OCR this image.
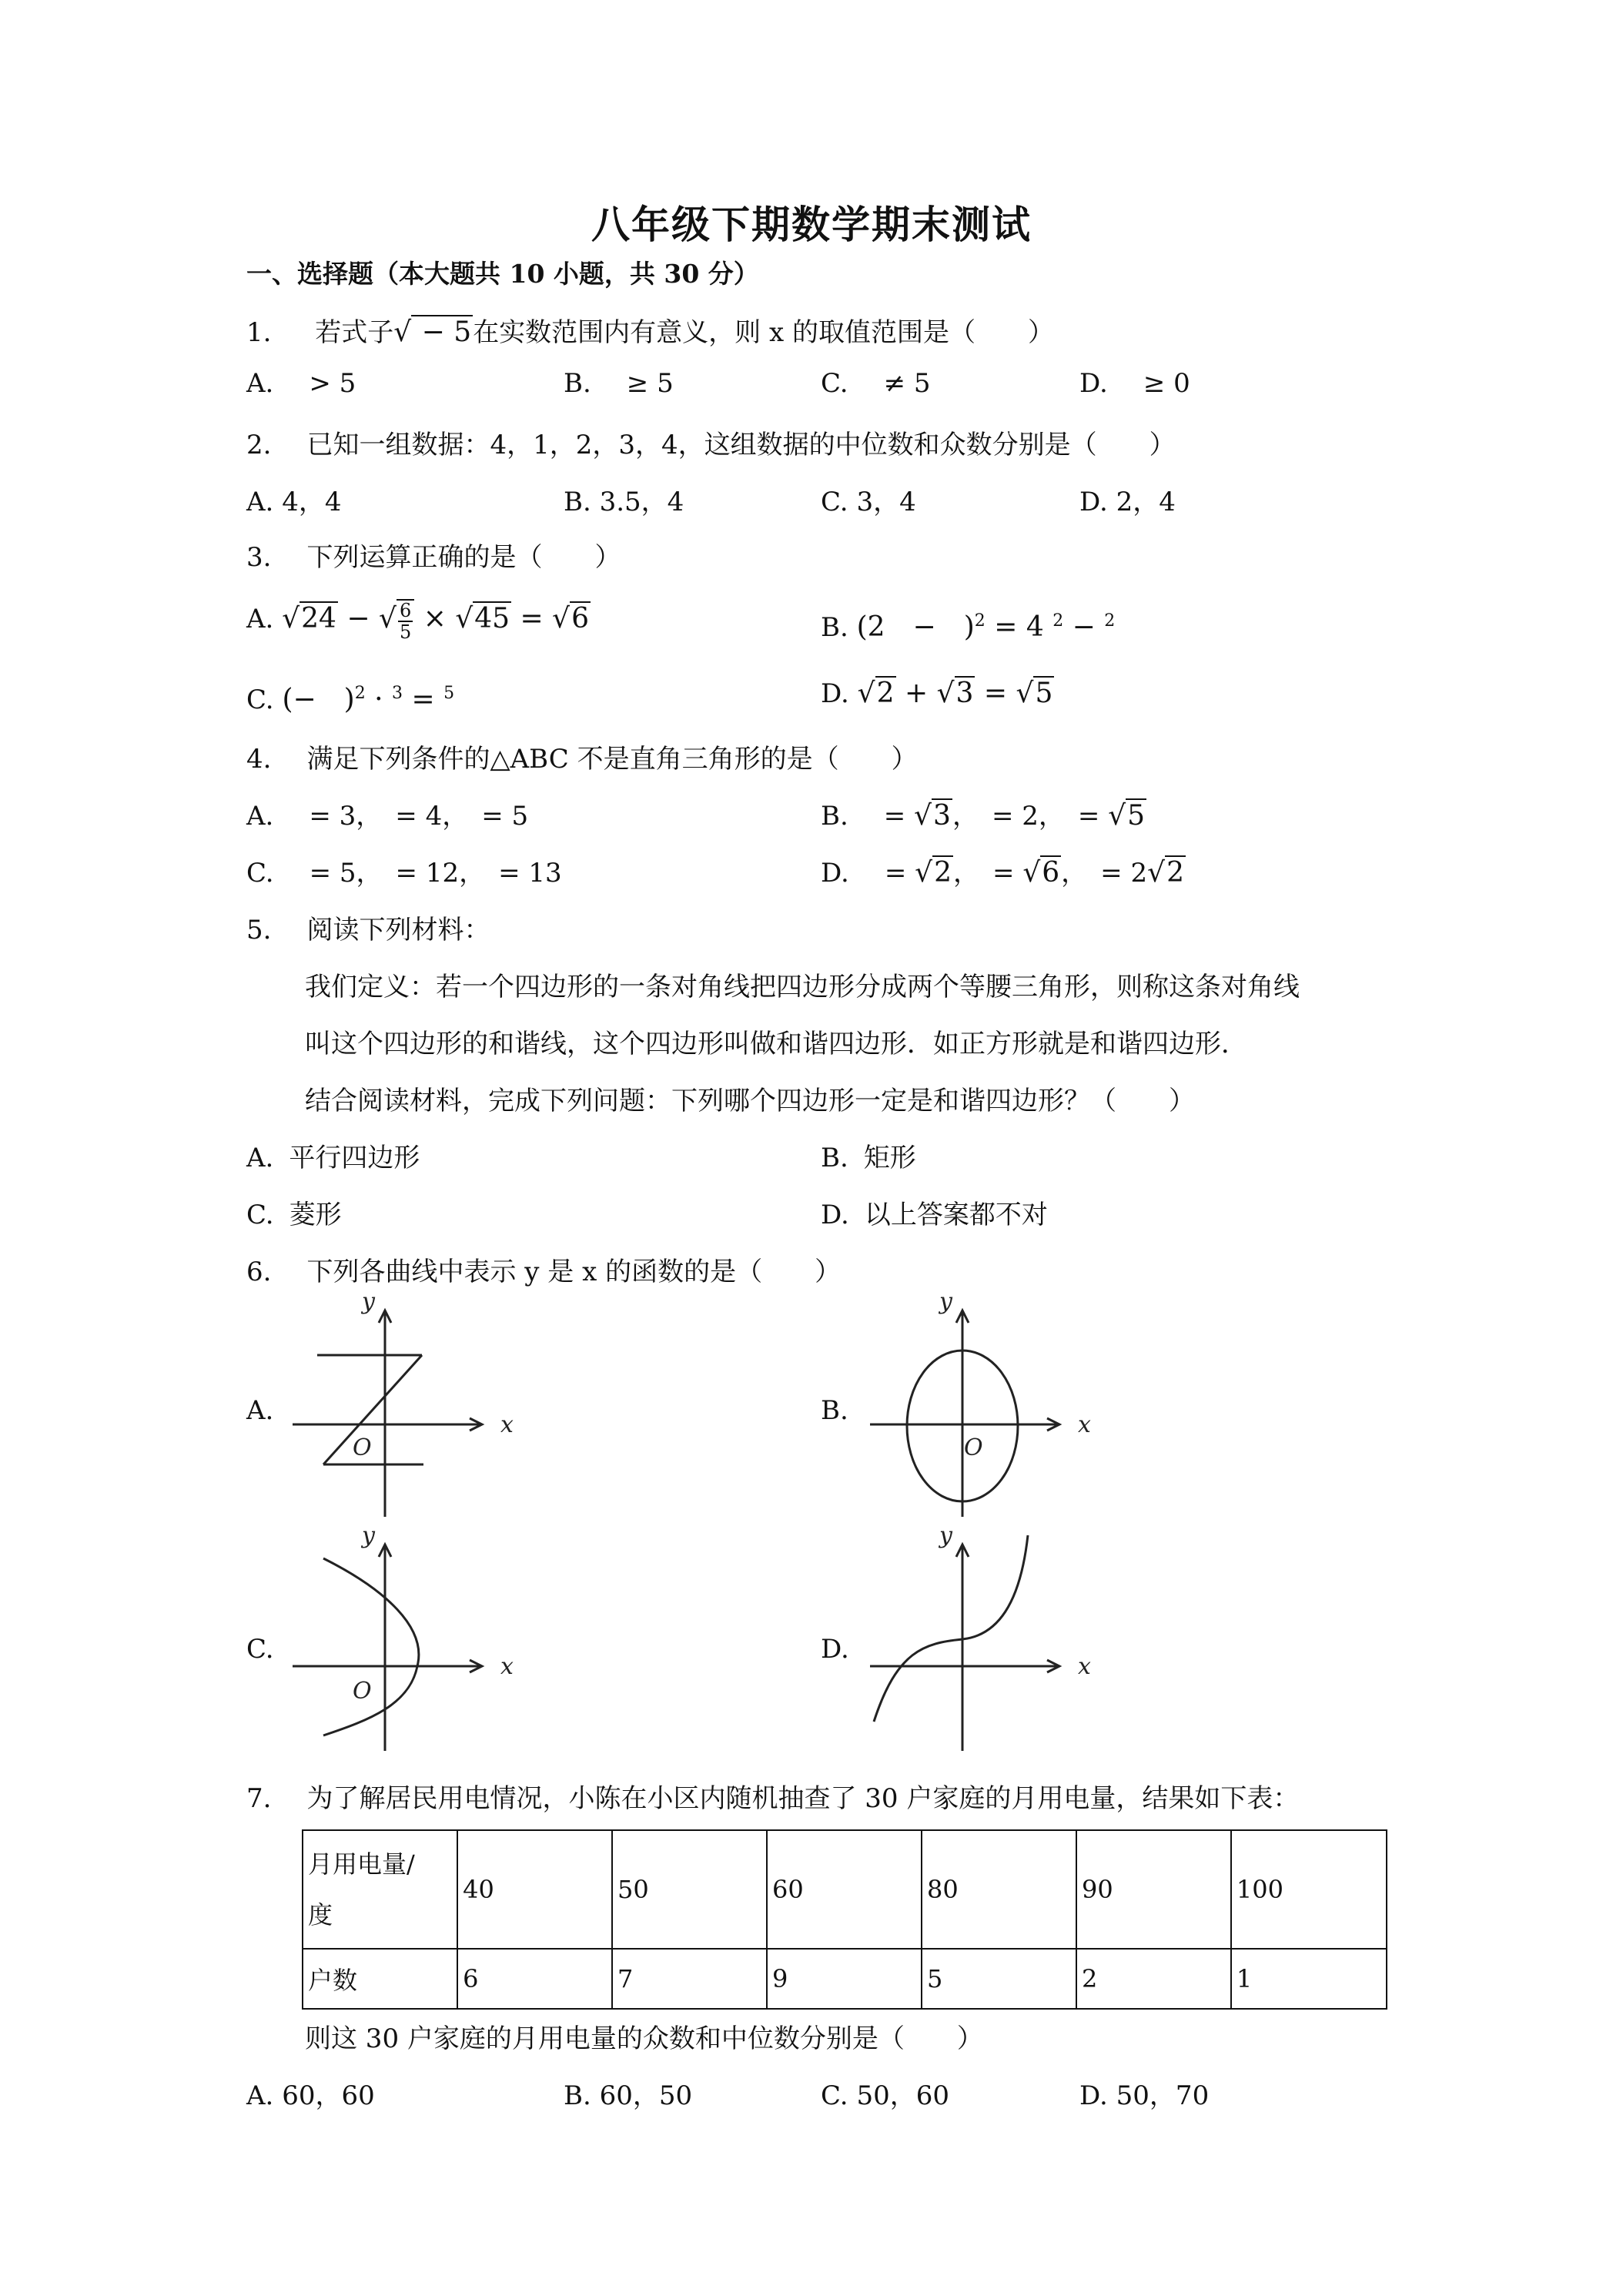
八年级下期数学期末测试
一、选择题（本大题共 10 小题，共 30 分）
1. 若式子√ − 5在实数范围内有意义，则 x 的取值范围是（　　）
A. > 5	B. ≥ 5	C. ≠ 5	D. ≥ 0
2. 已知一组数据：4，1，2，3，4，这组数据的中位数和众数分别是（　　）
A. 4，4	B. 3.5，4	C. 3，4	D. 2，4
3. 下列运算正确的是（　　）
A. √24 − √ $\frac{6}{5} \times √45 = √6$	B. (2　−　)$^2$ = 4 $^2$ − $^2$
C. (−　)$^2$ · $^3$ = $^5$	D. √2 + √3 = √5
4. 满足下列条件的△ABC 不是直角三角形的是（　　）
A. = 3，　= 4，　= 5	B. = √3，　= 2，　= √5
C. = 5，　= 12，　= 13	D. = √2，　= √6，　= 2√2
5. 阅读下列材料：
我们定义：若一个四边形的一条对角线把四边形分成两个等腰三角形，则称这条对角线
叫这个四边形的和谐线，这个四边形叫做和谐四边形．如正方形就是和谐四边形．
结合阅读材料，完成下列问题：下列哪个四边形一定是和谐四边形？（　　）
A. 平行四边形	B. 矩形
C. 菱形	D. 以上答案都不对
6. 下列各曲线中表示 y 是 x 的函数的是（　　）
A.
y
x
O
B.
y
x
O
C.
y
x
O
D.
y
x
7. 为了解居民用电情况，小陈在小区内随机抽查了 30 户家庭的月用电量，结果如下表：
月用电量/
度	40	50	60	80	90	100
户数	6	7	9	5	2	1
则这 30 户家庭的月用电量的众数和中位数分别是（　　）
A. 60，60	B. 60，50	C. 50，60	D. 50，70
